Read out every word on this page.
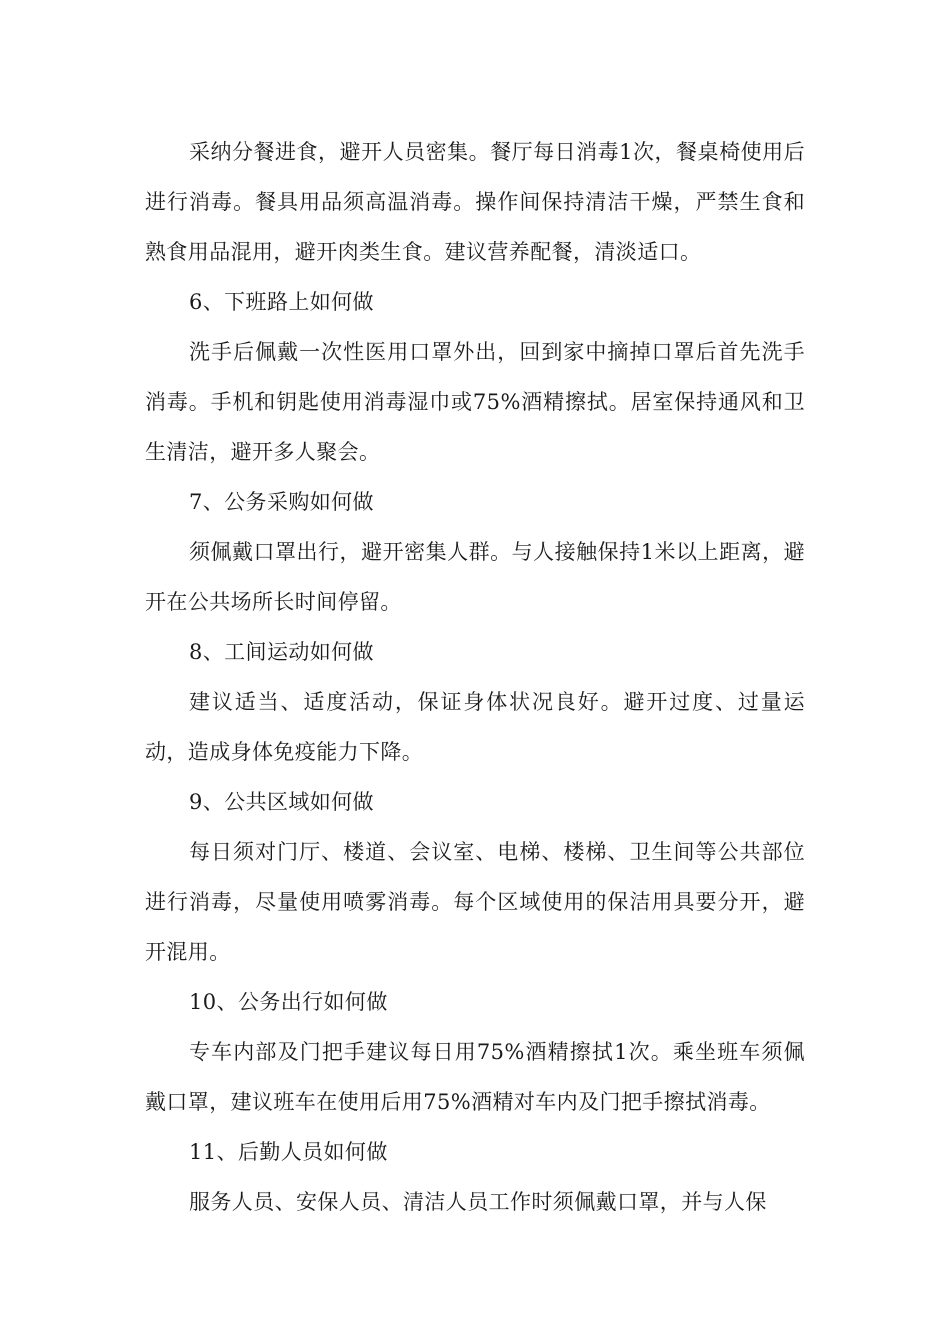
采纳分餐进食，避开人员密集。餐厅每日消毒1次，餐桌椅使用后进行消毒。餐具用品须高温消毒。操作间保持清洁干燥，严禁生食和熟食用品混用，避开肉类生食。建议营养配餐，清淡适口。

6、下班路上如何做

洗手后佩戴一次性医用口罩外出，回到家中摘掉口罩后首先洗手消毒。手机和钥匙使用消毒湿巾或75%酒精擦拭。居室保持通风和卫生清洁，避开多人聚会。

7、公务采购如何做

须佩戴口罩出行，避开密集人群。与人接触保持1米以上距离，避开在公共场所长时间停留。

8、工间运动如何做

建议适当、适度活动，保证身体状况良好。避开过度、过量运动，造成身体免疫能力下降。

9、公共区域如何做

每日须对门厅、楼道、会议室、电梯、楼梯、卫生间等公共部位进行消毒，尽量使用喷雾消毒。每个区域使用的保洁用具要分开，避开混用。

10、公务出行如何做

专车内部及门把手建议每日用75%酒精擦拭1次。乘坐班车须佩戴口罩，建议班车在使用后用75%酒精对车内及门把手擦拭消毒。

11、后勤人员如何做

服务人员、安保人员、清洁人员工作时须佩戴口罩，并与人保
